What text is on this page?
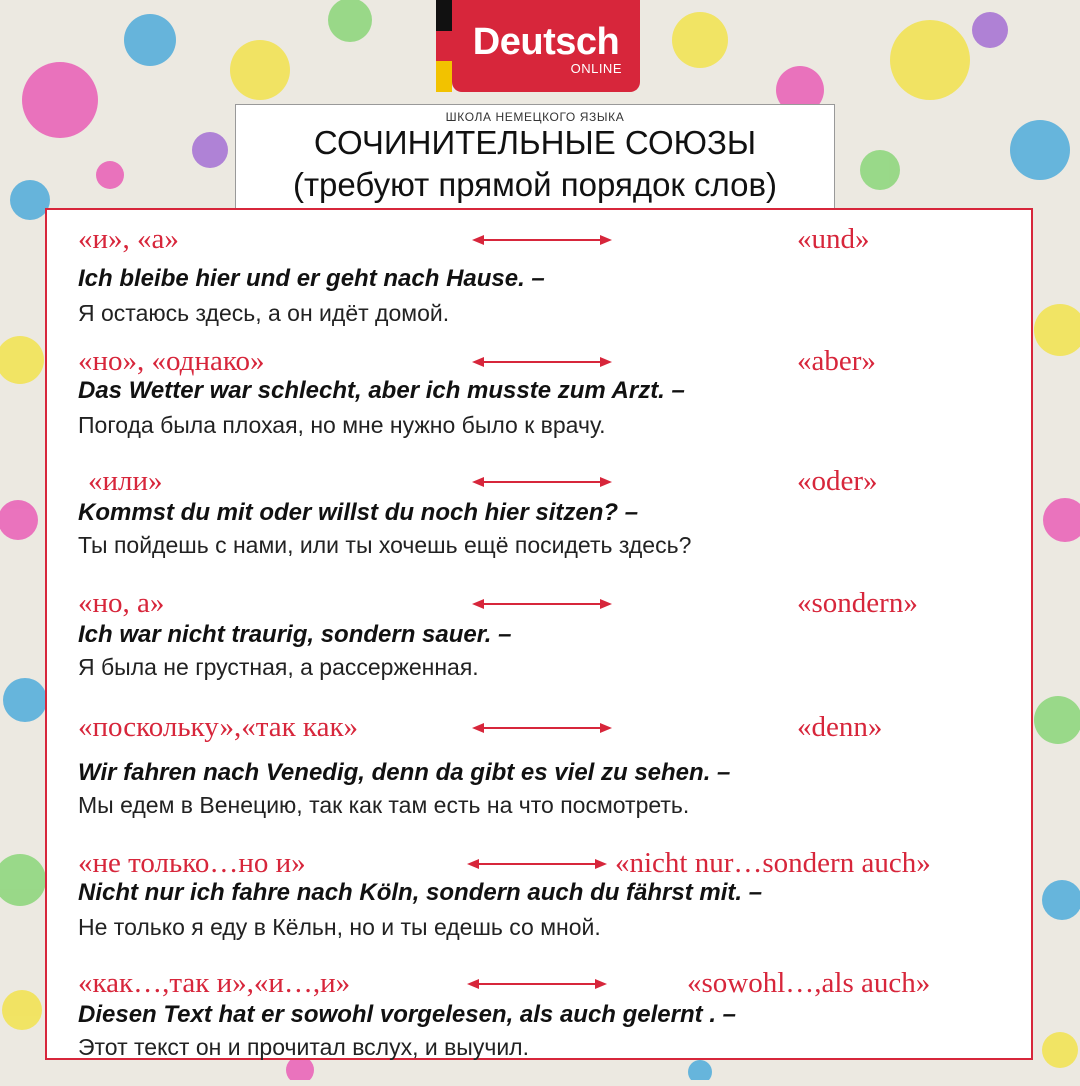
Deutsch
ONLINE
ШКОЛА НЕМЕЦКОГО ЯЗЫКА
СОЧИНИТЕЛЬНЫЕ СОЮЗЫ
(требуют прямой порядок слов)
«и», «а»	«und»
Ich bleibe hier und er geht nach Hause. –
Я остаюсь здесь, а он идёт домой.
«но», «однако»	«aber»
Das Wetter war schlecht, aber ich musste zum Arzt. –
Погода была плохая, но мне нужно было к врачу.
«или»	«oder»
Kommst du mit oder willst du noch hier sitzen? –
Ты пойдешь с нами, или ты хочешь ещё посидеть здесь?
«но, а»	«sondern»
Ich war nicht traurig, sondern sauer. –
Я была не грустная, а рассерженная.
«поскольку»,«так как»	«denn»
Wir fahren nach Venedig, denn da gibt es viel zu sehen. –
Мы едем в Венецию, так как там есть на что посмотреть.
«не только…но и»	«nicht nur…sondern auch»
Nicht nur ich fahre nach Köln, sondern auch du fährst mit. –
Не только я еду в Кёльн, но и ты едешь со мной.
«как…,так и»,«и…,и»	«sowohl…,als auch»
Diesen Text hat er sowohl vorgelesen, als auch gelernt . –
Этот текст он и прочитал вслух, и выучил.
